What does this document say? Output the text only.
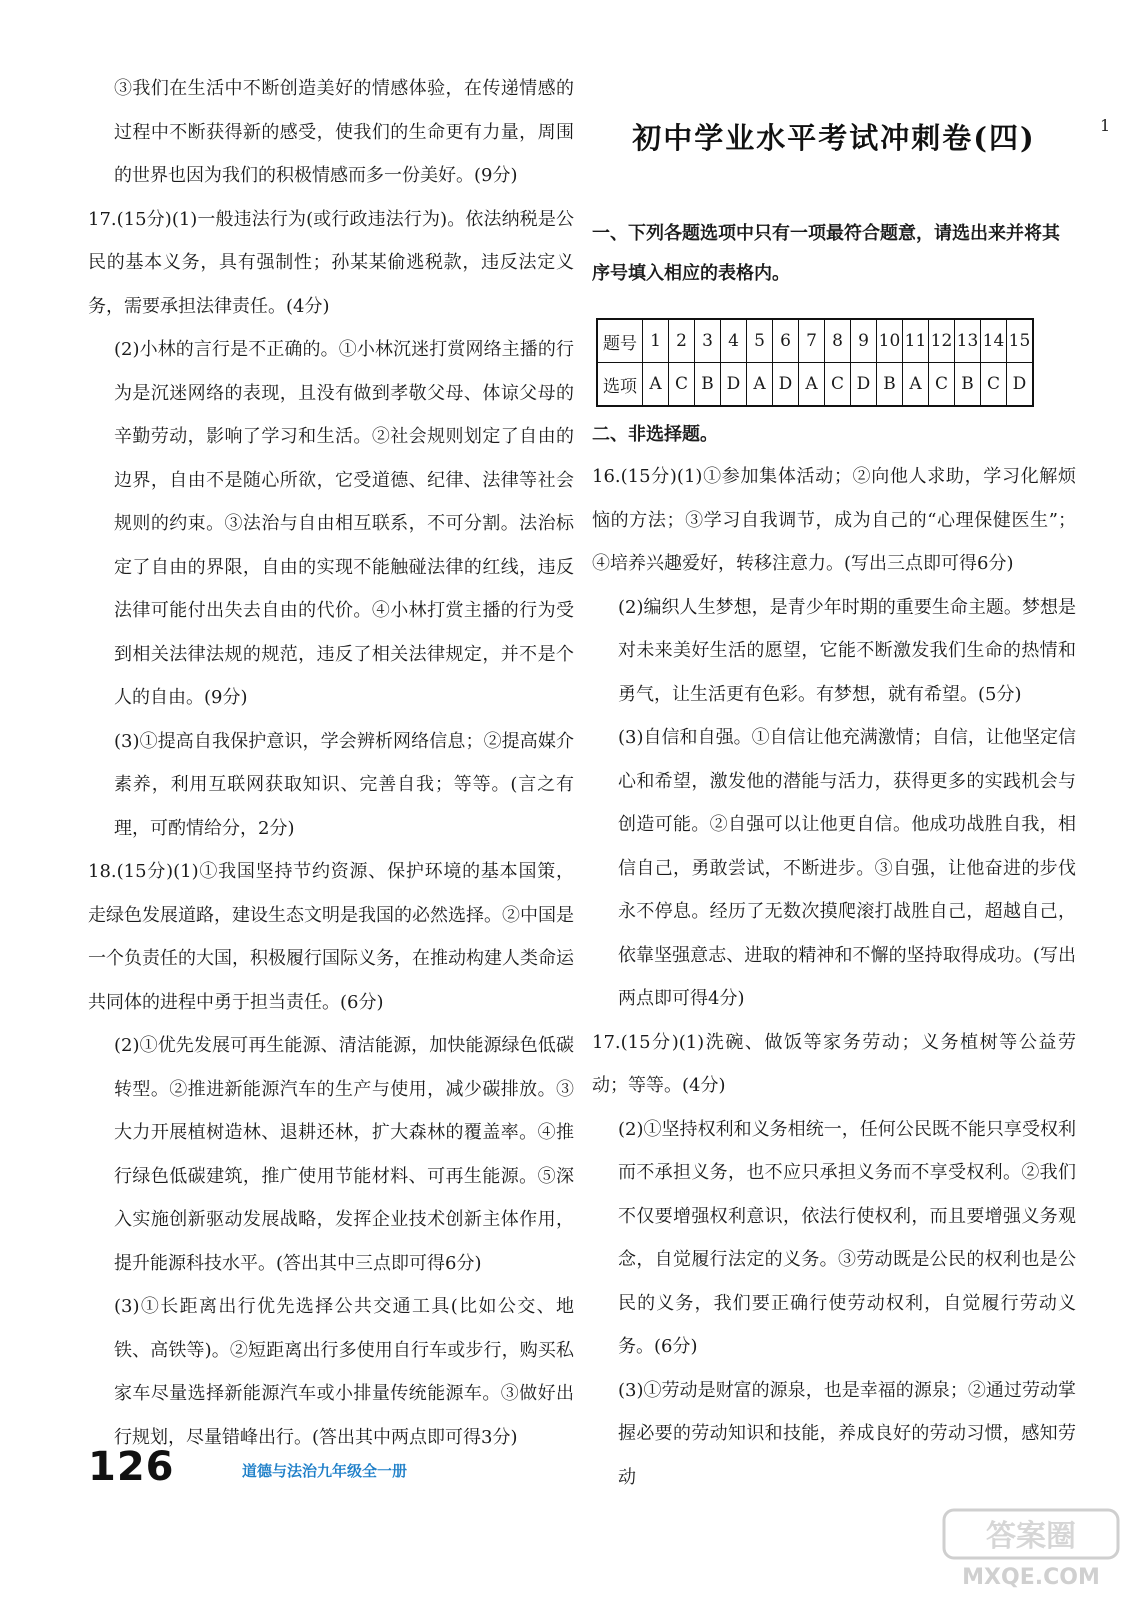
③我们在生活中不断创造美好的情感体验，在传递情感的过程中不断获得新的感受，使我们的生命更有力量，周围的世界也因为我们的积极情感而多一份美好。(9分)

17.(15分)(1)一般违法行为(或行政违法行为)。依法纳税是公民的基本义务，具有强制性；孙某某偷逃税款，违反法定义务，需要承担法律责任。(4分)

(2)小林的言行是不正确的。①小林沉迷打赏网络主播的行为是沉迷网络的表现，且没有做到孝敬父母、体谅父母的辛勤劳动，影响了学习和生活。②社会规则划定了自由的边界，自由不是随心所欲，它受道德、纪律、法律等社会规则的约束。③法治与自由相互联系，不可分割。法治标定了自由的界限，自由的实现不能触碰法律的红线，违反法律可能付出失去自由的代价。④小林打赏主播的行为受到相关法律法规的规范，违反了相关法律规定，并不是个人的自由。(9分)

(3)①提高自我保护意识，学会辨析网络信息；②提高媒介素养，利用互联网获取知识、完善自我；等等。(言之有理，可酌情给分，2分)

18.(15分)(1)①我国坚持节约资源、保护环境的基本国策，走绿色发展道路，建设生态文明是我国的必然选择。②中国是一个负责任的大国，积极履行国际义务，在推动构建人类命运共同体的进程中勇于担当责任。(6分)

(2)①优先发展可再生能源、清洁能源，加快能源绿色低碳转型。②推进新能源汽车的生产与使用，减少碳排放。③大力开展植树造林、退耕还林，扩大森林的覆盖率。④推行绿色低碳建筑，推广使用节能材料、可再生能源。⑤深入实施创新驱动发展战略，发挥企业技术创新主体作用，提升能源科技水平。(答出其中三点即可得6分)

(3)①长距离出行优先选择公共交通工具(比如公交、地铁、高铁等)。②短距离出行多使用自行车或步行，购买私家车尽量选择新能源汽车或小排量传统能源车。③做好出行规划，尽量错峰出行。(答出其中两点即可得3分)

初中学业水平考试冲刺卷(四)

一、下列各题选项中只有一项最符合题意，请选出来并将其序号填入相应的表格内。

题号	1	2	3	4	5	6	7	8	9	10	11	12	13	14	15
选项	A	C	B	D	A	D	A	C	D	B	A	C	B	C	D

二、非选择题。

16.(15分)(1)①参加集体活动；②向他人求助，学习化解烦恼的方法；③学习自我调节，成为自己的“心理保健医生”；④培养兴趣爱好，转移注意力。(写出三点即可得6分)

(2)编织人生梦想，是青少年时期的重要生命主题。梦想是对未来美好生活的愿望，它能不断激发我们生命的热情和勇气，让生活更有色彩。有梦想，就有希望。(5分)

(3)自信和自强。①自信让他充满激情；自信，让他坚定信心和希望，激发他的潜能与活力，获得更多的实践机会与创造可能。②自强可以让他更自信。他成功战胜自我，相信自己，勇敢尝试，不断进步。③自强，让他奋进的步伐永不停息。经历了无数次摸爬滚打战胜自己，超越自己，依靠坚强意志、进取的精神和不懈的坚持取得成功。(写出两点即可得4分)

17.(15分)(1)洗碗、做饭等家务劳动；义务植树等公益劳动；等等。(4分)

(2)①坚持权利和义务相统一，任何公民既不能只享受权利而不承担义务，也不应只承担义务而不享受权利。②我们不仅要增强权利意识，依法行使权利，而且要增强义务观念，自觉履行法定的义务。③劳动既是公民的权利也是公民的义务，我们要正确行使劳动权利，自觉履行劳动义务。(6分)

(3)①劳动是财富的源泉，也是幸福的源泉；②通过劳动掌握必要的劳动知识和技能，养成良好的劳动习惯，感知劳动

1
126	道德与法治九年级全一册
答案圈
MXQE.COM
